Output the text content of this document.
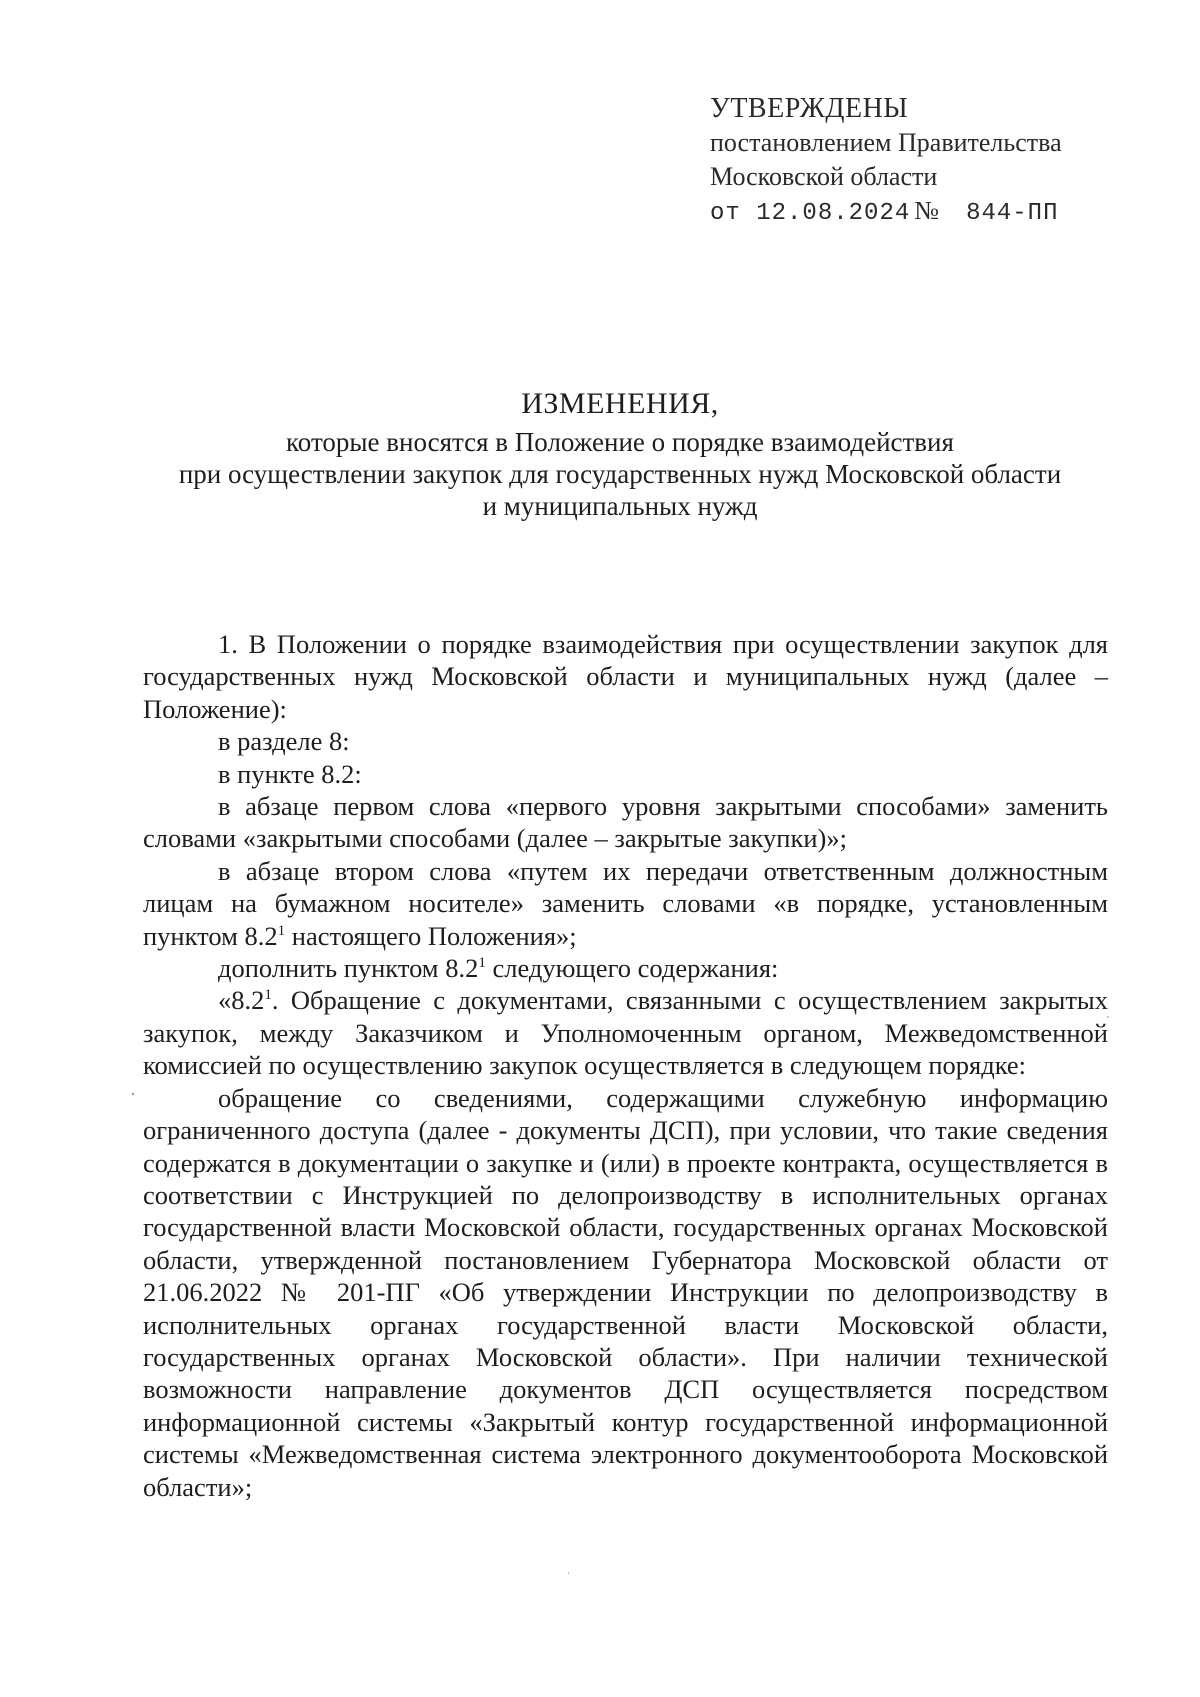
УТВЕРЖДЕНЫ
постановлением Правительства
Московской области
от 12.08.2024 № 844-ПП
ИЗМЕНЕНИЯ,
которые вносятся в Положение о порядке взаимодействия
при осуществлении закупок для государственных нужд Московской области
и муниципальных нужд

1. В Положении о порядке взаимодействия при осуществлении закупок для государственных нужд Московской области и муниципальных нужд (далее – Положение):

в разделе 8:

в пункте 8.2:

в абзаце первом слова «первого уровня закрытыми способами» заменить словами «закрытыми способами (далее – закрытые закупки)»;

в абзаце втором слова «путем их передачи ответственным должностным лицам на бумажном носителе» заменить словами «в порядке, установленным пунктом $8.2^1$ настоящего Положения»;

дополнить пунктом $8.2^1$ следующего содержания:

«$8.2^1$. Обращение с документами, связанными с осуществлением закрытых закупок, между Заказчиком и Уполномоченным органом, Межведомственной комиссией по осуществлению закупок осуществляется в следующем порядке:

обращение со сведениями, содержащими служебную информацию ограниченного доступа (далее - документы ДСП), при условии, что такие сведения содержатся в документации о закупке и (или) в проекте контракта, осуществляется в соответствии с Инструкцией по делопроизводству в исполнительных органах государственной власти Московской области, государственных органах Московской области, утвержденной постановлением Губернатора Московской области от 21.06.2022 № 201-ПГ «Об утверждении Инструкции по делопроизводству в исполнительных органах государственной власти Московской области, государственных органах Московской области». При наличии технической возможности направление документов ДСП осуществляется посредством информационной системы «Закрытый контур государственной информационной системы «Межведомственная система электронного документооборота Московской области»;
